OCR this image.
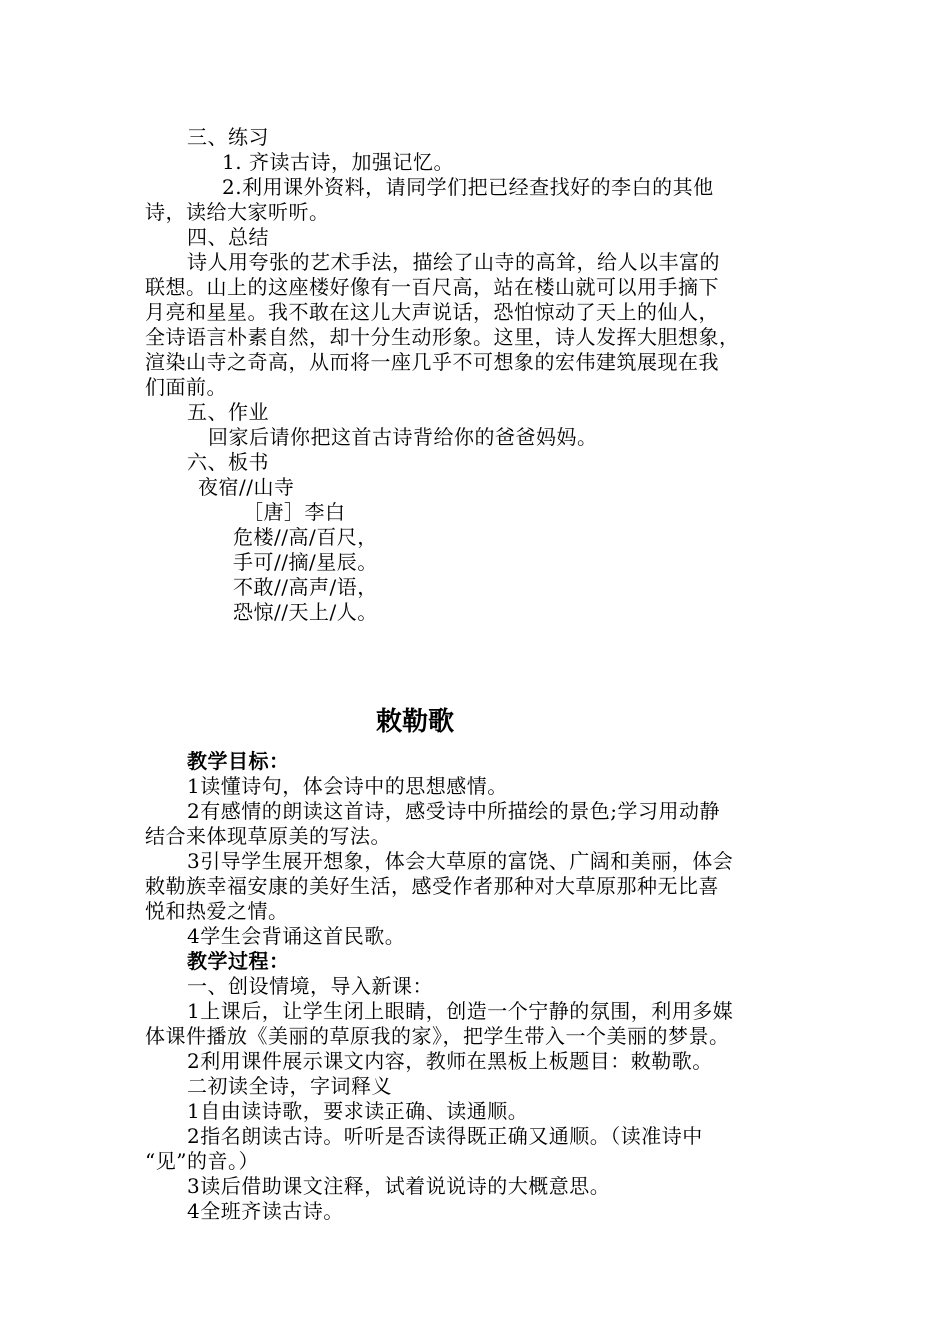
三、练习
1. 齐读古诗，加强记忆。
2.利用课外资料，请同学们把已经查找好的李白的其他
诗，读给大家听听。
四、总结
诗人用夸张的艺术手法，描绘了山寺的高耸，给人以丰富的
联想。山上的这座楼好像有一百尺高，站在楼山就可以用手摘下
月亮和星星。我不敢在这儿大声说话，恐怕惊动了天上的仙人，
全诗语言朴素自然，却十分生动形象。这里，诗人发挥大胆想象，
渲染山寺之奇高，从而将一座几乎不可想象的宏伟建筑展现在我
们面前。
五、作业
回家后请你把这首古诗背给你的爸爸妈妈。
六、板书
夜宿//山寺
［唐］李白
危楼//高/百尺，
手可//摘/星辰。
不敢//高声/语，
恐惊//天上/人。
敕勒歌
教学目标：
1读懂诗句，体会诗中的思想感情。
2有感情的朗读这首诗，感受诗中所描绘的景色;学习用动静
结合来体现草原美的写法。
3引导学生展开想象，体会大草原的富饶、广阔和美丽，体会
敕勒族幸福安康的美好生活，感受作者那种对大草原那种无比喜
悦和热爱之情。
4学生会背诵这首民歌。
教学过程：
一、创设情境，导入新课：
1上课后，让学生闭上眼睛，创造一个宁静的氛围，利用多媒
体课件播放《美丽的草原我的家》，把学生带入一个美丽的梦景。
2利用课件展示课文内容，教师在黑板上板题目：敕勒歌。
二初读全诗，字词释义
1自由读诗歌，要求读正确、读通顺。
2指名朗读古诗。听听是否读得既正确又通顺。（读准诗中
“见”的音。）
3读后借助课文注释，试着说说诗的大概意思。
4全班齐读古诗。
